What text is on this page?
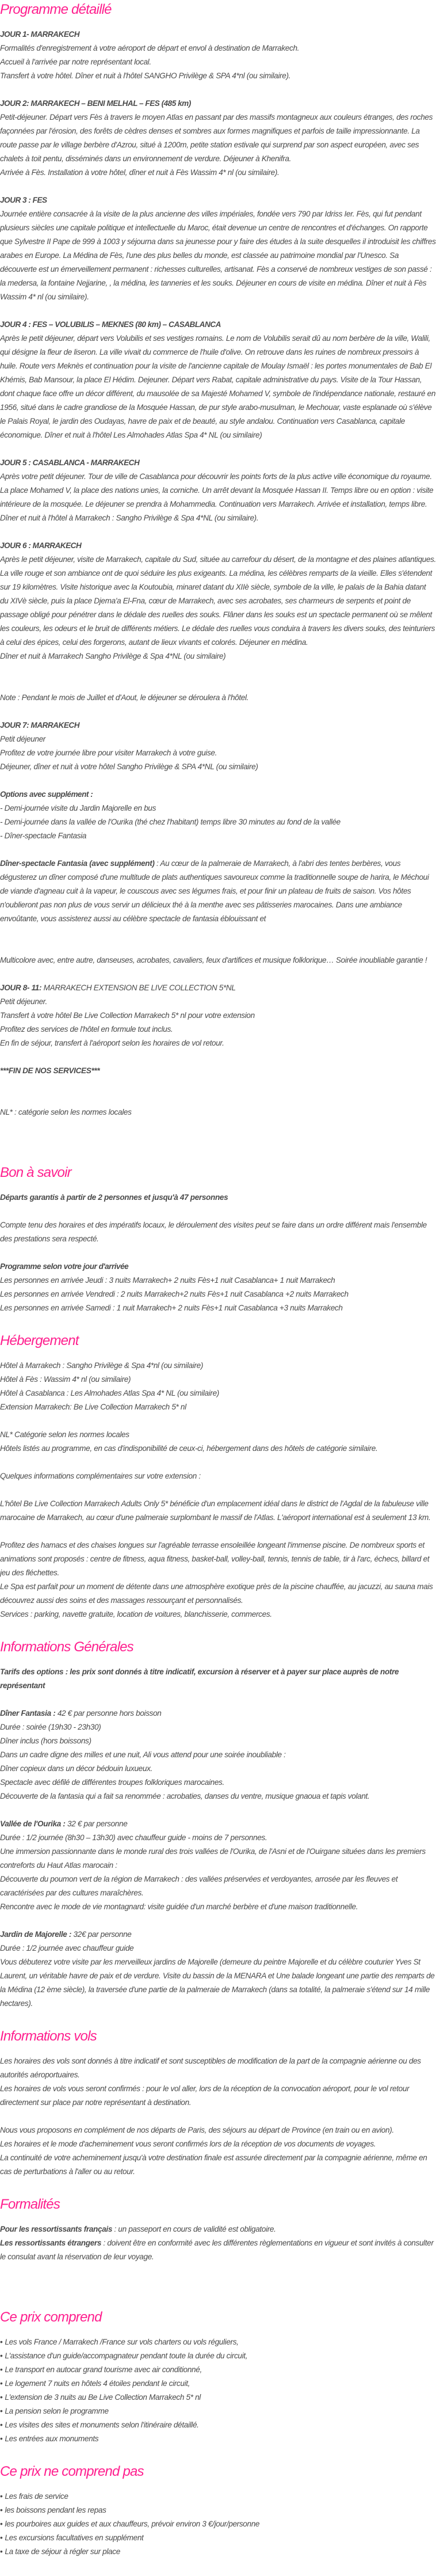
Programme détaillé
JOUR 1- MARRAKECH
Formalités d'enregistrement à votre aéroport de départ et envol à destination de Marrakech.
Accueil à l'arrivée par notre représentant local.
Transfert à votre hôtel. Dîner et nuit à l'hôtel SANGHO Privilège & SPA 4*nl (ou similaire).
JOUR 2: MARRAKECH – BENI MELHAL – FES (485 km)
Petit-déjeuner. Départ vers Fès à travers le moyen Atlas en passant par des massifs montagneux aux couleurs étranges, des roches façonnées par l'érosion, des forêts de cèdres denses et sombres aux formes magnifiques et parfois de taille impressionnante. La route passe par le village berbère d'Azrou, situé à 1200m, petite station estivale qui surprend par son aspect européen, avec ses chalets à toit pentu, disséminés dans un environnement de verdure. Déjeuner à Khenifra.
Arrivée à Fès. Installation à votre hôtel, dîner et nuit à Fès Wassim 4* nl (ou similaire).
JOUR 3 : FES
Journée entière consacrée à la visite de la plus ancienne des villes impériales, fondée vers 790 par Idriss Ier. Fès, qui fut pendant plusieurs siècles une capitale politique et intellectuelle du Maroc, était devenue un centre de rencontres et d'échanges. On rapporte que Sylvestre II Pape de 999 à 1003 y séjourna dans sa jeunesse pour y faire des études à la suite desquelles il introduisit les chiffres arabes en Europe. La Médina de Fès, l'une des plus belles du monde, est classée au patrimoine mondial par l'Unesco. Sa découverte est un émerveillement permanent : richesses culturelles, artisanat. Fès a conservé de nombreux vestiges de son passé : la medersa, la fontaine Nejjarine, , la médina, les tanneries et les souks. Déjeuner en cours de visite en médina. Dîner et nuit à Fès Wassim 4* nl (ou similaire).
JOUR 4 : FES – VOLUBILIS – MEKNES (80 km) – CASABLANCA
Après le petit déjeuner, départ vers Volubilis et ses vestiges romains. Le nom de Volubilis serait dû au nom berbère de la ville, Walili, qui désigne la fleur de liseron. La ville vivait du commerce de l'huile d'olive. On retrouve dans les ruines de nombreux pressoirs à huile. Route vers Meknès et continuation pour la visite de l'ancienne capitale de Moulay Ismaël : les portes monumentales de Bab El Khémis, Bab Mansour, la place El Hédim. Dejeuner. Départ vers Rabat, capitale administrative du pays. Visite de la Tour Hassan, dont chaque face offre un décor différent, du mausolée de sa Majesté Mohamed V, symbole de l'indépendance nationale, restauré en 1956, situé dans le cadre grandiose de la Mosquée Hassan, de pur style arabo-musulman, le Mechouar, vaste esplanade où s'élève le Palais Royal, le jardin des Oudayas, havre de paix et de beauté, au style andalou. Continuation vers Casablanca, capitale économique. Dîner et nuit à l'hôtel Les Almohades Atlas Spa 4* NL (ou similaire)
JOUR 5 : CASABLANCA - MARRAKECH
Après votre petit déjeuner. Tour de ville de Casablanca pour découvrir les points forts de la plus active ville économique du royaume. La place Mohamed V, la place des nations unies, la corniche. Un arrêt devant la Mosquée Hassan II. Temps libre ou en option : visite intérieure de la mosquée. Le déjeuner se prendra à Mohammedia. Continuation vers Marrakech. Arrivée et installation, temps libre. Dîner et nuit à l'hôtel à Marrakech : Sangho Privilège & Spa 4*NL (ou similaire).
JOUR 6 : MARRAKECH
Après le petit déjeuner, visite de Marrakech, capitale du Sud, située au carrefour du désert, de la montagne et des plaines atlantiques. La ville rouge et son ambiance ont de quoi séduire les plus exigeants. La médina, les célèbres remparts de la vieille. Elles s'étendent sur 19 kilomètres. Visite historique avec la Koutoubia, minaret datant du XIIè siècle, symbole de la ville, le palais de la Bahia datant du XIVè siècle, puis la place Djema'a El-Fna, cœur de Marrakech, avec ses acrobates, ses charmeurs de serpents et point de passage obligé pour pénétrer dans le dédale des ruelles des souks. Flâner dans les souks est un spectacle permanent où se mêlent les couleurs, les odeurs et le bruit de différents métiers. Le dédale des ruelles vous conduira à travers les divers souks, des teinturiers à celui des épices, celui des forgerons, autant de lieux vivants et colorés. Déjeuner en médina.
Dîner et nuit à Marrakech Sangho Privilège & Spa 4*NL (ou similaire)
Note : Pendant le mois de Juillet et d'Aout, le déjeuner se déroulera à l'hôtel.
JOUR 7: MARRAKECH
Petit déjeuner
Profitez de votre journée libre pour visiter Marrakech à votre guise.
Déjeuner, dîner et nuit à votre hôtel Sangho Privilège & SPA 4*NL (ou similaire)
Options avec supplément :
- Demi-journée visite du Jardin Majorelle en bus
- Demi-journée dans la vallée de l'Ourika (thé chez l'habitant) temps libre 30 minutes au fond de la vallée
- Dîner-spectacle Fantasia
Dîner-spectacle Fantasia (avec supplément) : Au cœur de la palmeraie de Marrakech, à l'abri des tentes berbères, vous dégusterez un dîner composé d'une multitude de plats authentiques savoureux comme la traditionnelle soupe de harira, le Méchoui de viande d'agneau cuit à la vapeur, le couscous avec ses légumes frais, et pour finir un plateau de fruits de saison. Vos hôtes n'oublieront pas non plus de vous servir un délicieux thé à la menthe avec ses pâtisseries marocaines. Dans une ambiance envoûtante, vous assisterez aussi au célèbre spectacle de fantasia éblouissant et
Multicolore avec, entre autre, danseuses, acrobates, cavaliers, feux d'artifices et musique folklorique… Soirée inoubliable garantie !
JOUR 8- 11: MARRAKECH EXTENSION BE LIVE COLLECTION 5*NL
Petit déjeuner.
Transfert à votre hôtel Be Live Collection Marrakech 5* nl pour votre extension
Profitez des services de l'hôtel en formule tout inclus.
En fin de séjour, transfert à l'aéroport selon les horaires de vol retour.
***FIN DE NOS SERVICES***
NL* : catégorie selon les normes locales
Bon à savoir
Départs garantis à partir de 2 personnes et jusqu'à 47 personnes
Compte tenu des horaires et des impératifs locaux, le déroulement des visites peut se faire dans un ordre différent mais l'ensemble des prestations sera respecté.
Programme selon votre jour d'arrivée
Les personnes en arrivée Jeudi : 3 nuits Marrakech+ 2 nuits Fès+1 nuit Casablanca+ 1 nuit Marrakech
Les personnes en arrivée Vendredi : 2 nuits Marrakech+2 nuits Fès+1 nuit Casablanca +2 nuits Marrakech
Les personnes en arrivée Samedi : 1 nuit Marrakech+ 2 nuits Fès+1 nuit Casablanca +3 nuits Marrakech
Hébergement
Hôtel à Marrakech : Sangho Privilège & Spa 4*nl (ou similaire)
Hôtel à Fès : Wassim 4* nl (ou similaire)
Hôtel à Casablanca : Les Almohades Atlas Spa 4* NL (ou similaire)
Extension Marrakech: Be Live Collection Marrakech 5* nl
NL* Catégorie selon les normes locales
Hôtels listés au programme, en cas d'indisponibilité de ceux-ci, hébergement dans des hôtels de catégorie similaire.
Quelques informations complémentaires sur votre extension :
L'hôtel Be Live Collection Marrakech Adults Only 5* bénéficie d'un emplacement idéal dans le district de l'Agdal de la fabuleuse ville marocaine de Marrakech, au cœur d'une palmeraie surplombant le massif de l'Atlas. L'aéroport international est à seulement 13 km.
Profitez des hamacs et des chaises longues sur l'agréable terrasse ensoleillée longeant l'immense piscine. De nombreux sports et animations sont proposés : centre de fitness, aqua fitness, basket-ball, volley-ball, tennis, tennis de table, tir à l'arc, échecs, billard et jeu des fléchettes.
Le Spa est parfait pour un moment de détente dans une atmosphère exotique près de la piscine chauffée, au jacuzzi, au sauna mais découvrez aussi des soins et des massages ressourçant et personnalisés.
Services : parking, navette gratuite, location de voitures, blanchisserie, commerces.
Informations Générales
Tarifs des options : les prix sont donnés à titre indicatif, excursion à réserver et à payer sur place auprès de notre représentant
Dîner Fantasia : 42 € par personne hors boisson
Durée : soirée (19h30 - 23h30)
Dîner inclus (hors boissons)
Dans un cadre digne des milles et une nuit, Ali vous attend pour une soirée inoubliable :
Dîner copieux dans un décor bédouin luxueux.
Spectacle avec défilé de différentes troupes folkloriques marocaines.
Découverte de la fantasia qui a fait sa renommée : acrobaties, danses du ventre, musique gnaoua et tapis volant.
Vallée de l'Ourika : 32 € par personne
Durée : 1/2 journée (8h30 – 13h30) avec chauffeur guide - moins de 7 personnes.
Une immersion passionnante dans le monde rural des trois vallées de l'Ourika, de l'Asni et de l'Ouirgane situées dans les premiers contreforts du Haut Atlas marocain :
Découverte du poumon vert de la région de Marrakech : des vallées préservées et verdoyantes, arrosée par les fleuves et caractérisées par des cultures maraîchères.
Rencontre avec le mode de vie montagnard: visite guidée d'un marché berbère et d'une maison traditionnelle.
Jardin de Majorelle : 32€ par personne
Durée : 1/2 journée avec chauffeur guide
Vous débuterez votre visite par les merveilleux jardins de Majorelle (demeure du peintre Majorelle et du célèbre couturier Yves St Laurent, un véritable havre de paix et de verdure. Visite du bassin de la MENARA et Une balade longeant une partie des remparts de la Médina (12 ème siècle), la traversée d'une partie de la palmeraie de Marrakech (dans sa totalité, la palmeraie s'étend sur 14 mille hectares).
Informations vols
Les horaires des vols sont donnés à titre indicatif et sont susceptibles de modification de la part de la compagnie aérienne ou des autorités aéroportuaires.
Les horaires de vols vous seront confirmés : pour le vol aller, lors de la réception de la convocation aéroport, pour le vol retour directement sur place par notre représentant à destination.
Nous vous proposons en complément de nos départs de Paris, des séjours au départ de Province (en train ou en avion).
Les horaires et le mode d'acheminement vous seront confirmés lors de la réception de vos documents de voyages.
La continuité de votre acheminement jusqu'à votre destination finale est assurée directement par la compagnie aérienne, même en cas de perturbations à l'aller ou au retour.
Formalités
Pour les ressortissants français : un passeport en cours de validité est obligatoire.
Les ressortissants étrangers : doivent être en conformité avec les différentes règlementations en vigueur et sont invités à consulter le consulat avant la réservation de leur voyage.
Ce prix comprend
• Les vols France / Marrakech /France sur vols charters ou vols réguliers,
• L'assistance d'un guide/accompagnateur pendant toute la durée du circuit,
• Le transport en autocar grand tourisme avec air conditionné,
• Le logement 7 nuits en hôtels 4 étoiles pendant le circuit,
• L'extension de 3 nuits au Be Live Collection Marrakech 5* nl
• La pension selon le programme
• Les visites des sites et monuments selon l'itinéraire détaillé.
• Les entrées aux monuments
Ce prix ne comprend pas
• Les frais de service
• les boissons pendant les repas
• les pourboires aux guides et aux chauffeurs, prévoir environ 3 €/jour/personne
• Les excursions facultatives en supplément
• La taxe de séjour à régler sur place
